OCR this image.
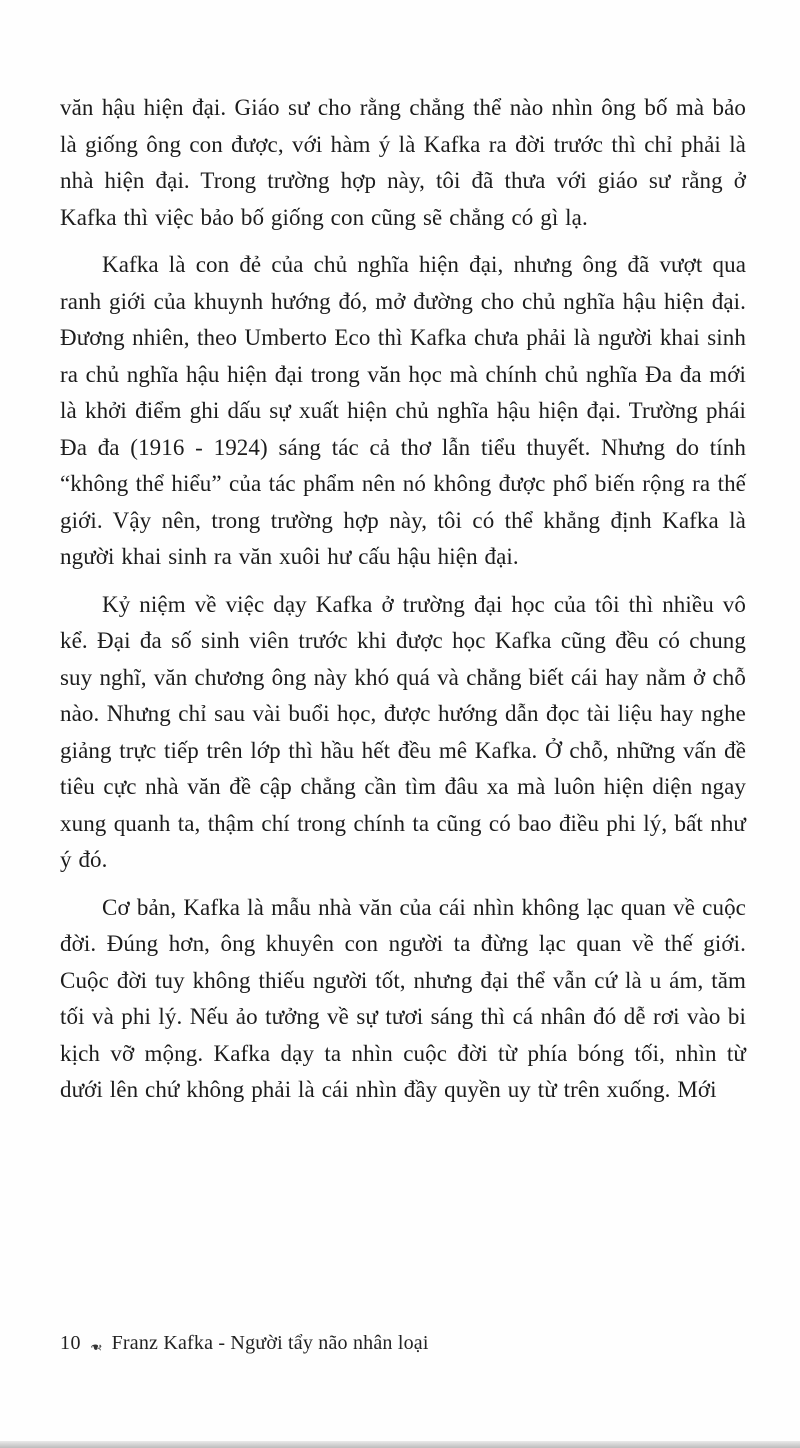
văn hậu hiện đại. Giáo sư cho rằng chẳng thể nào nhìn ông bố mà bảo là giống ông con được, với hàm ý là Kafka ra đời trước thì chỉ phải là nhà hiện đại. Trong trường hợp này, tôi đã thưa với giáo sư rằng ở Kafka thì việc bảo bố giống con cũng sẽ chẳng có gì lạ.

Kafka là con đẻ của chủ nghĩa hiện đại, nhưng ông đã vượt qua ranh giới của khuynh hướng đó, mở đường cho chủ nghĩa hậu hiện đại. Đương nhiên, theo Umberto Eco thì Kafka chưa phải là người khai sinh ra chủ nghĩa hậu hiện đại trong văn học mà chính chủ nghĩa Đa đa mới là khởi điểm ghi dấu sự xuất hiện chủ nghĩa hậu hiện đại. Trường phái Đa đa (1916 - 1924) sáng tác cả thơ lẫn tiểu thuyết. Nhưng do tính “không thể hiểu” của tác phẩm nên nó không được phổ biến rộng ra thế giới. Vậy nên, trong trường hợp này, tôi có thể khẳng định Kafka là người khai sinh ra văn xuôi hư cấu hậu hiện đại.

Kỷ niệm về việc dạy Kafka ở trường đại học của tôi thì nhiều vô kể. Đại đa số sinh viên trước khi được học Kafka cũng đều có chung suy nghĩ, văn chương ông này khó quá và chẳng biết cái hay nằm ở chỗ nào. Nhưng chỉ sau vài buổi học, được hướng dẫn đọc tài liệu hay nghe giảng trực tiếp trên lớp thì hầu hết đều mê Kafka. Ở chỗ, những vấn đề tiêu cực nhà văn đề cập chẳng cần tìm đâu xa mà luôn hiện diện ngay xung quanh ta, thậm chí trong chính ta cũng có bao điều phi lý, bất như ý đó.

Cơ bản, Kafka là mẫu nhà văn của cái nhìn không lạc quan về cuộc đời. Đúng hơn, ông khuyên con người ta đừng lạc quan về thế giới. Cuộc đời tuy không thiếu người tốt, nhưng đại thể vẫn cứ là u ám, tăm tối và phi lý. Nếu ảo tưởng về sự tươi sáng thì cá nhân đó dễ rơi vào bi kịch vỡ mộng. Kafka dạy ta nhìn cuộc đời từ phía bóng tối, nhìn từ dưới lên chứ không phải là cái nhìn đầy quyền uy từ trên xuống. Mới

10 ❧ Franz Kafka - Người tẩy não nhân loại
